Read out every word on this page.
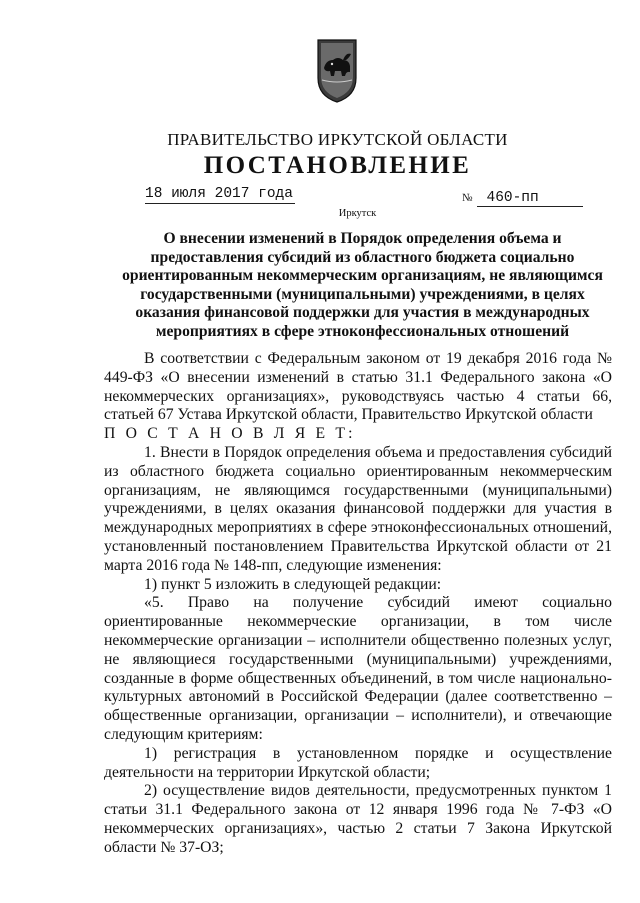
ПРАВИТЕЛЬСТВО ИРКУТСКОЙ ОБЛАСТИ
ПОСТАНОВЛЕНИЕ
18 июля 2017 года	№ 460-пп
Иркутск
О внесении изменений в Порядок определения объема и предоставления субсидий из областного бюджета социально ориентированным некоммерческим организациям, не являющимся государственными (муниципальными) учреждениями, в целях оказания финансовой поддержки для участия в международных мероприятиях в сфере этноконфессиональных отношений

В соответствии с Федеральным законом от 19 декабря 2016 года № 449-ФЗ «О внесении изменений в статью 31.1 Федерального закона «О некоммерческих организациях», руководствуясь частью 4 статьи 66, статьей 67 Устава Иркутской области, Правительство Иркутской области

П О С Т А Н О В Л Я Е Т:

1. Внести в Порядок определения объема и предоставления субсидий из областного бюджета социально ориентированным некоммерческим организациям, не являющимся государственными (муниципальными) учреждениями, в целях оказания финансовой поддержки для участия в международных мероприятиях в сфере этноконфессиональных отношений, установленный постановлением Правительства Иркутской области от 21 марта 2016 года № 148-пп, следующие изменения:

1) пункт 5 изложить в следующей редакции:

«5. Право на получение субсидий имеют социально ориентированные некоммерческие организации, в том числе некоммерческие организации – исполнители общественно полезных услуг, не являющиеся государственными (муниципальными) учреждениями, созданные в форме общественных объединений, в том числе национально-культурных автономий в Российской Федерации (далее соответственно – общественные организации, организации – исполнители), и отвечающие следующим критериям:

1) регистрация в установленном порядке и осуществление деятельности на территории Иркутской области;

2) осуществление видов деятельности, предусмотренных пунктом 1 статьи 31.1 Федерального закона от 12 января 1996 года № 7-ФЗ «О некоммерческих организациях», частью 2 статьи 7 Закона Иркутской области № 37-ОЗ;
